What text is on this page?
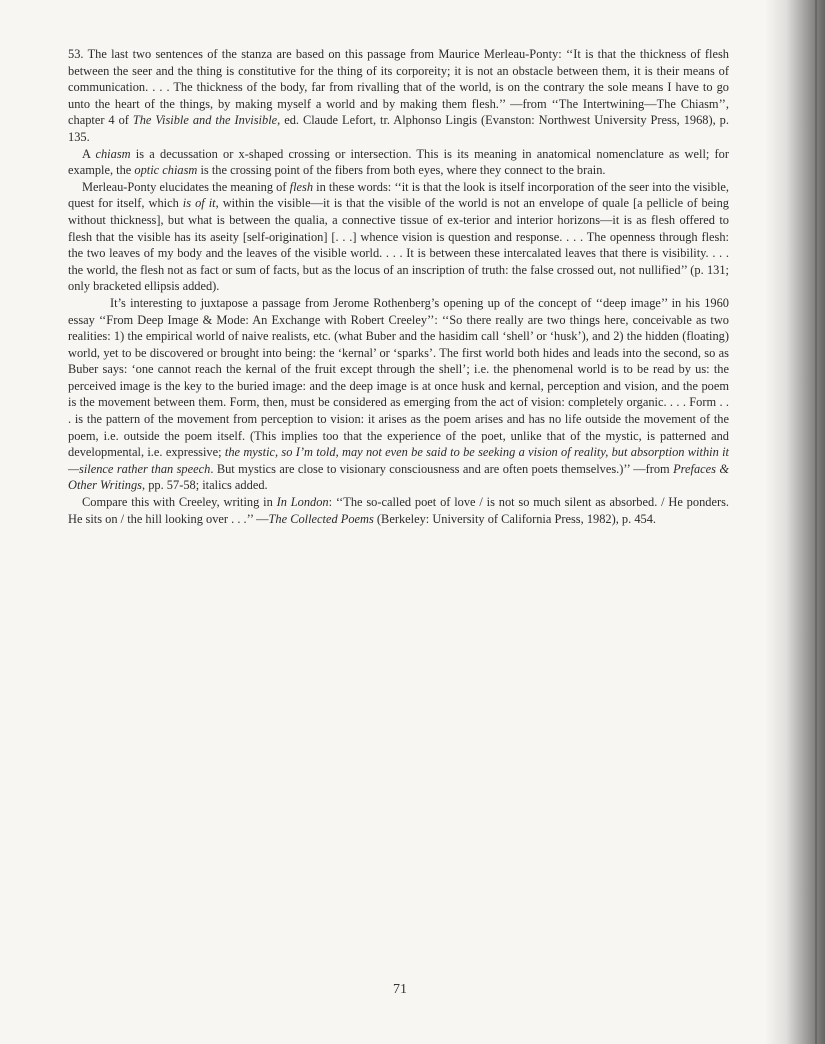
53. The last two sentences of the stanza are based on this passage from Maurice Merleau-Ponty: ‘‘It is that the thickness of flesh between the seer and the thing is constitutive for the thing of its corporeity; it is not an obstacle between them, it is their means of communication. . . . The thickness of the body, far from rivalling that of the world, is on the contrary the sole means I have to go unto the heart of the things, by making myself a world and by making them flesh.’’ —from ‘‘The Intertwining—The Chiasm’’, chapter 4 of The Visible and the Invisible, ed. Claude Lefort, tr. Alphonso Lingis (Evanston: Northwest University Press, 1968), p. 135.

A chiasm is a decussation or x-shaped crossing or intersection. This is its meaning in anatomical nomenclature as well; for example, the optic chiasm is the crossing point of the fibers from both eyes, where they connect to the brain.

Merleau-Ponty elucidates the meaning of flesh in these words: ‘‘it is that the look is itself incorporation of the seer into the visible, quest for itself, which is of it, within the visible—it is that the visible of the world is not an envelope of quale [a pellicle of being without thickness], but what is between the qualia, a connective tissue of ex-terior and interior horizons—it is as flesh offered to flesh that the visible has its aseity [self-origination] [. . .] whence vision is question and response. . . . The openness through flesh: the two leaves of my body and the leaves of the visible world. . . . It is between these intercalated leaves that there is visibility. . . . the world, the flesh not as fact or sum of facts, but as the locus of an inscription of truth: the false crossed out, not nullified’’ (p. 131; only bracketed ellipsis added).

It’s interesting to juxtapose a passage from Jerome Rothenberg’s opening up of the concept of ‘‘deep image’’ in his 1960 essay ‘‘From Deep Image & Mode: An Exchange with Robert Creeley’’: ‘‘So there really are two things here, conceivable as two realities: 1) the empirical world of naive realists, etc. (what Buber and the hasidim call ‘shell’ or ‘husk’), and 2) the hidden (floating) world, yet to be discovered or brought into being: the ‘kernal’ or ‘sparks’. The first world both hides and leads into the second, so as Buber says: ‘one cannot reach the kernal of the fruit except through the shell’; i.e. the phenomenal world is to be read by us: the perceived image is the key to the buried image: and the deep image is at once husk and kernal, perception and vision, and the poem is the movement between them. Form, then, must be considered as emerging from the act of vision: completely organic. . . . Form . . . is the pattern of the movement from perception to vision: it arises as the poem arises and has no life outside the movement of the poem, i.e. outside the poem itself. (This implies too that the experience of the poet, unlike that of the mystic, is patterned and developmental, i.e. expressive; the mystic, so I’m told, may not even be said to be seeking a vision of reality, but absorption within it—silence rather than speech. But mystics are close to visionary consciousness and are often poets themselves.)’’ —from Prefaces & Other Writings, pp. 57-58; italics added.

Compare this with Creeley, writing in In London: ‘‘The so-called poet of love / is not so much silent as absorbed. / He ponders. He sits on / the hill looking over . . .’’ —The Collected Poems (Berkeley: University of California Press, 1982), p. 454.

71
